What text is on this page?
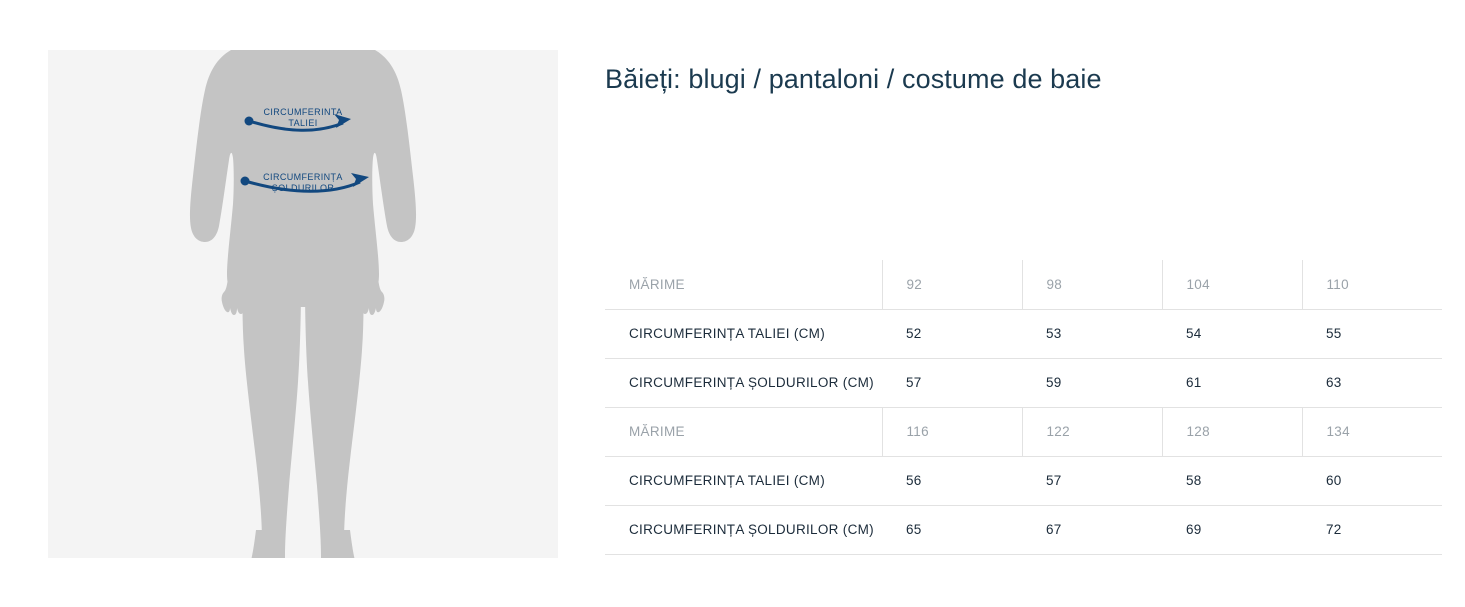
CIRCUMFERINTA
TALIEI
CIRCUMFERINȚA
ȘOLDURILOR
Băieți: blugi / pantaloni / costume de baie
MĂRIME	92	98	104	110
CIRCUMFERINȚA TALIEI (CM)	52	53	54	55
CIRCUMFERINȚA ȘOLDURILOR (CM)	57	59	61	63
MĂRIME	116	122	128	134
CIRCUMFERINȚA TALIEI (CM)	56	57	58	60
CIRCUMFERINȚA ȘOLDURILOR (CM)	65	67	69	72
